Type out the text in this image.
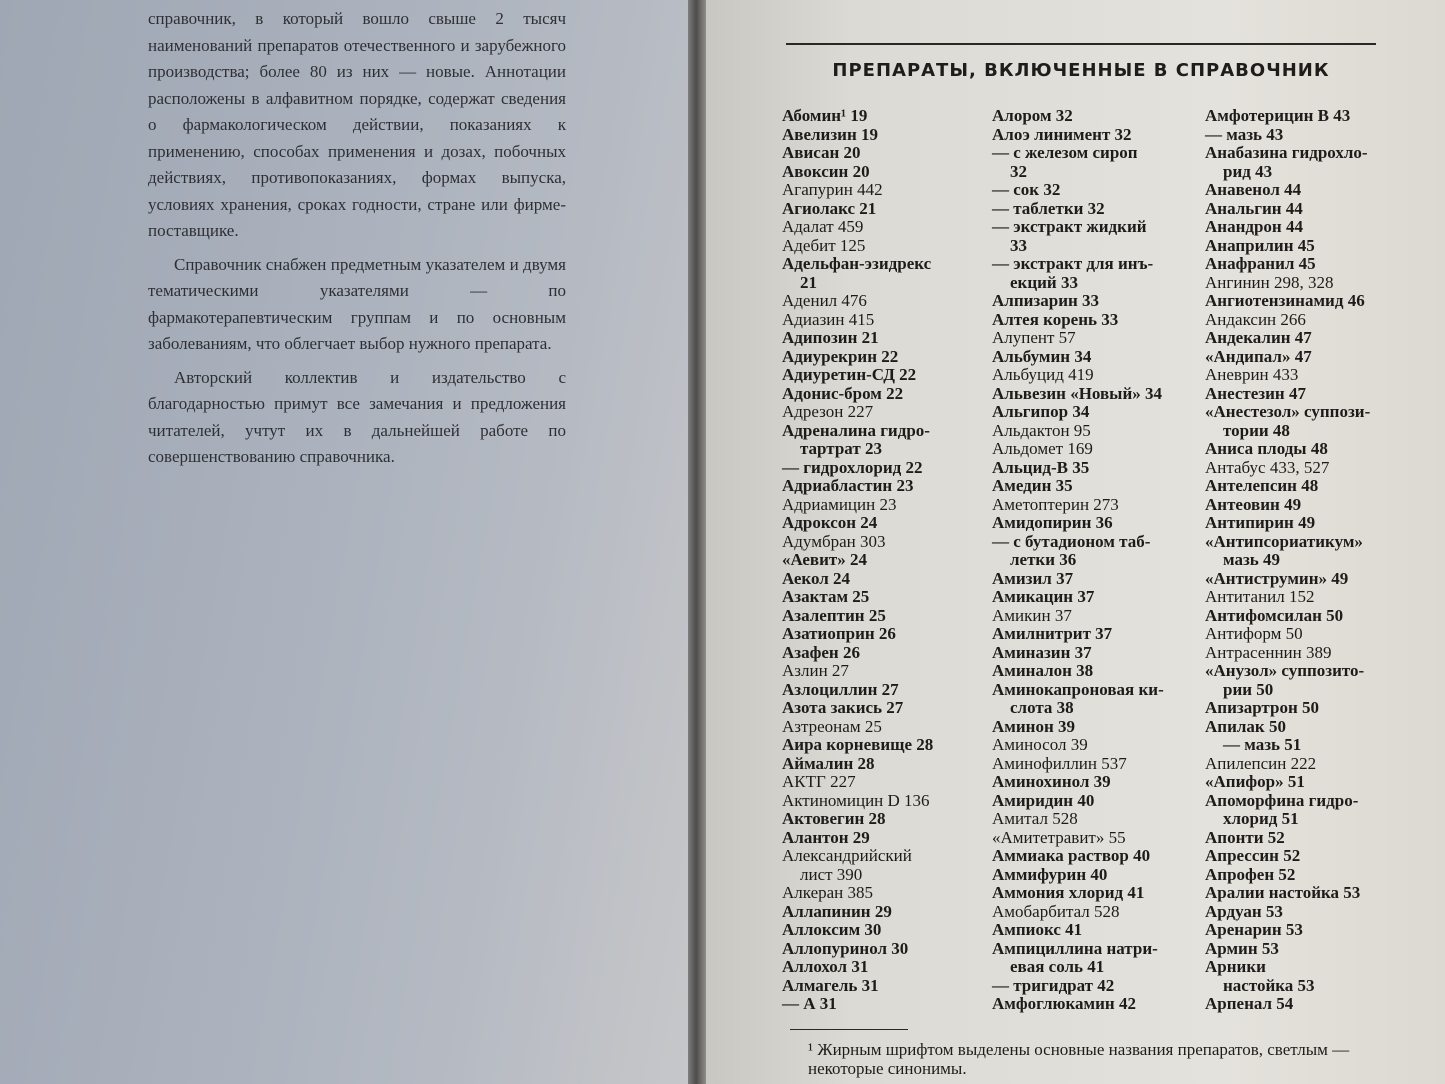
справочник, в который вошло свыше 2 тысяч наименований препаратов отечественного и зарубежного производства; более 80 из них — новые. Аннотации расположены в алфавитном порядке, содержат сведения о фармакологическом действии, показаниях к применению, способах применения и дозах, побочных действиях, противопоказаниях, формах выпуска, условиях хранения, сроках годности, стране или фирме-поставщике.

Справочник снабжен предметным указателем и двумя тематическими указателями — по фармакотерапевтическим группам и по основным заболеваниям, что облегчает выбор нужного препарата.

Авторский коллектив и издательство с благодарностью примут все замечания и предложения читателей, учтут их в дальнейшей работе по совершенствованию справочника.

ПРЕПАРАТЫ, ВКЛЮЧЕННЫЕ В СПРАВОЧНИК
Абомин¹ 19
Авелизин 19
Ависан 20
Авоксин 20
Агапурин 442
Агиолакс 21
Адалат 459
Адебит 125
Адельфан-эзидрекс
21
Аденил 476
Адиазин 415
Адипозин 21
Адиурекрин 22
Адиуретин-СД 22
Адонис-бром 22
Адрезон 227
Адреналина гидро-
тартрат 23
— гидрохлорид 22
Адриабластин 23
Адриамицин 23
Адроксон 24
Адумбран 303
«Аевит» 24
Аекол 24
Азактам 25
Азалептин 25
Азатиоприн 26
Азафен 26
Азлин 27
Азлоциллин 27
Азота закись 27
Азтреонам 25
Аира корневище 28
Аймалин 28
АКТГ 227
Актиномицин D 136
Актовегин 28
Алантон 29
Александрийский
лист 390
Алкеран 385
Аллапинин 29
Аллоксим 30
Аллопуринол 30
Аллохол 31
Алмагель 31
— А 31
Алором 32
Алоэ линимент 32
— с железом сироп
32
— сок 32
— таблетки 32
— экстракт жидкий
33
— экстракт для инъ-
екций 33
Алпизарин 33
Алтея корень 33
Алупент 57
Альбумин 34
Альбуцид 419
Альвезин «Новый» 34
Альгипор 34
Альдактон 95
Альдомет 169
Альцид-В 35
Амедин 35
Аметоптерин 273
Амидопирин 36
— с бутадионом таб-
летки 36
Амизил 37
Амикацин 37
Амикин 37
Амилнитрит 37
Аминазин 37
Аминалон 38
Аминокапроновая ки-
слота 38
Аминон 39
Аминосол 39
Аминофиллин 537
Аминохинол 39
Амиридин 40
Амитал 528
«Амитетравит» 55
Аммиака раствор 40
Аммифурин 40
Аммония хлорид 41
Амобарбитал 528
Ампиокс 41
Ампициллина натри-
евая соль 41
— тригидрат 42
Амфоглюкамин 42
Амфотерицин В 43
— мазь 43
Анабазина гидрохло-
рид 43
Анавенол 44
Анальгин 44
Анандрон 44
Анаприлин 45
Анафранил 45
Ангинин 298, 328
Ангиотензинамид 46
Андаксин 266
Андекалин 47
«Андипал» 47
Аневрин 433
Анестезин 47
«Анестезол» суппози-
тории 48
Аниса плоды 48
Антабус 433, 527
Антелепсин 48
Антеовин 49
Антипирин 49
«Антипсориатикум»
мазь 49
«Антиструмин» 49
Антитанил 152
Антифомсилан 50
Антиформ 50
Антрасеннин 389
«Анузол» суппозито-
рии 50
Апизартрон 50
Апилак 50
— мазь 51
Апилепсин 222
«Апифор» 51
Апоморфина гидро-
хлорид 51
Апонти 52
Апрессин 52
Апрофен 52
Аралии настойка 53
Ардуан 53
Аренарин 53
Армин 53
Арники
настойка 53
Арпенал 54
¹ Жирным шрифтом выделены основные названия препаратов, светлым — некоторые синонимы.
